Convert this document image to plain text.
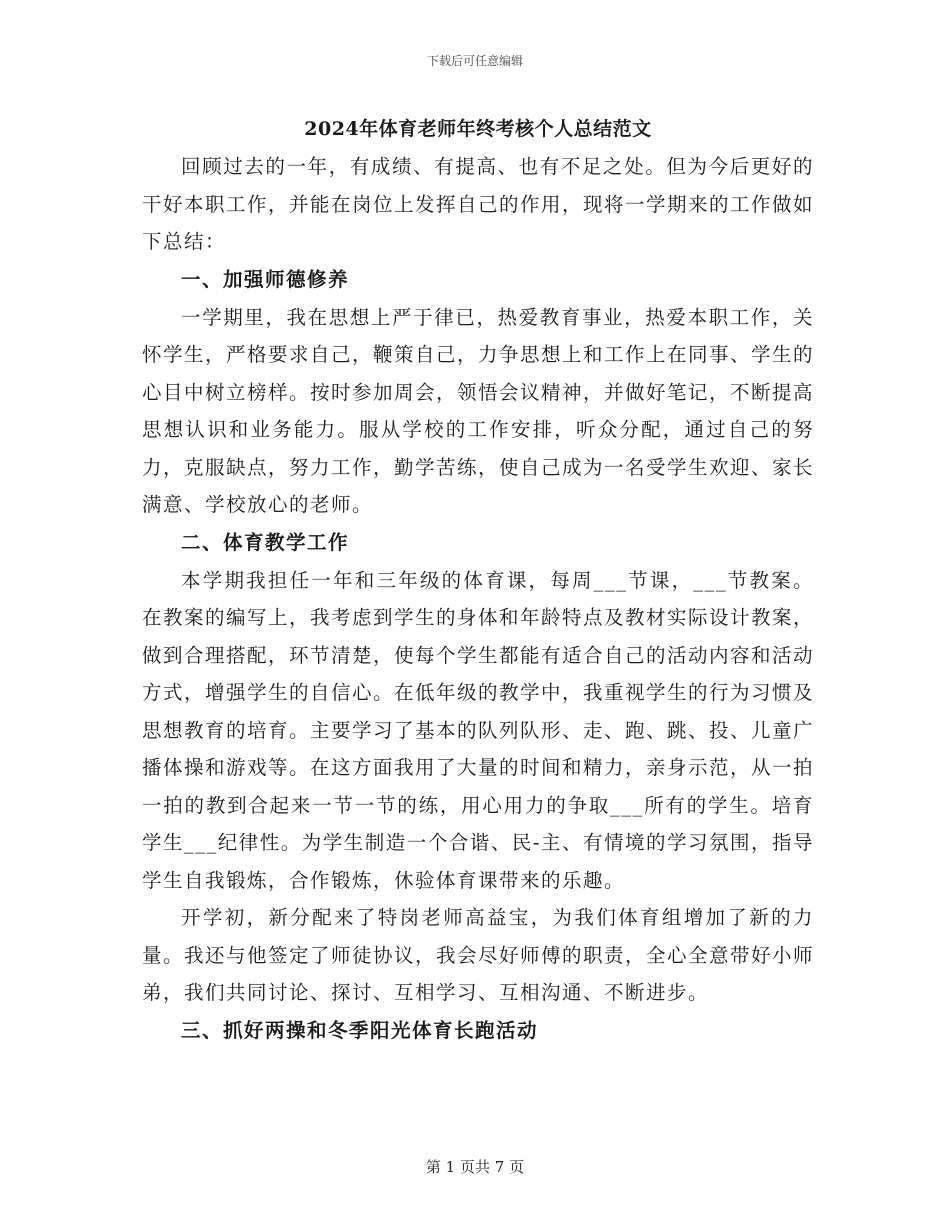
下载后可任意编辑
2024年体育老师年终考核个人总结范文

回顾过去的一年，有成绩、有提高、也有不足之处。但为今后更好的干好本职工作，并能在岗位上发挥自己的作用，现将一学期来的工作做如下总结：

一、加强师德修养

一学期里，我在思想上严于律已，热爱教育事业，热爱本职工作，关怀学生，严格要求自己，鞭策自己，力争思想上和工作上在同事、学生的心目中树立榜样。按时参加周会，领悟会议精神，并做好笔记，不断提高思想认识和业务能力。服从学校的工作安排，听众分配，通过自己的努力，克服缺点，努力工作，勤学苦练，使自己成为一名受学生欢迎、家长满意、学校放心的老师。

二、体育教学工作

本学期我担任一年和三年级的体育课，每周___节课，___节教案。在教案的编写上，我考虑到学生的身体和年龄特点及教材实际设计教案，做到合理搭配，环节清楚，使每个学生都能有适合自己的活动内容和活动方式，增强学生的自信心。在低年级的教学中，我重视学生的行为习惯及思想教育的培育。主要学习了基本的队列队形、走、跑、跳、投、儿童广播体操和游戏等。在这方面我用了大量的时间和精力，亲身示范，从一拍一拍的教到合起来一节一节的练，用心用力的争取___所有的学生。培育学生___纪律性。为学生制造一个合谐、民-主、有情境的学习氛围，指导学生自我锻炼，合作锻炼，休验体育课带来的乐趣。

开学初，新分配来了特岗老师高益宝，为我们体育组增加了新的力量。我还与他签定了师徒协议，我会尽好师傅的职责，全心全意带好小师弟，我们共同讨论、探讨、互相学习、互相沟通、不断进步。

三、抓好两操和冬季阳光体育长跑活动
第 1 页共 7 页
